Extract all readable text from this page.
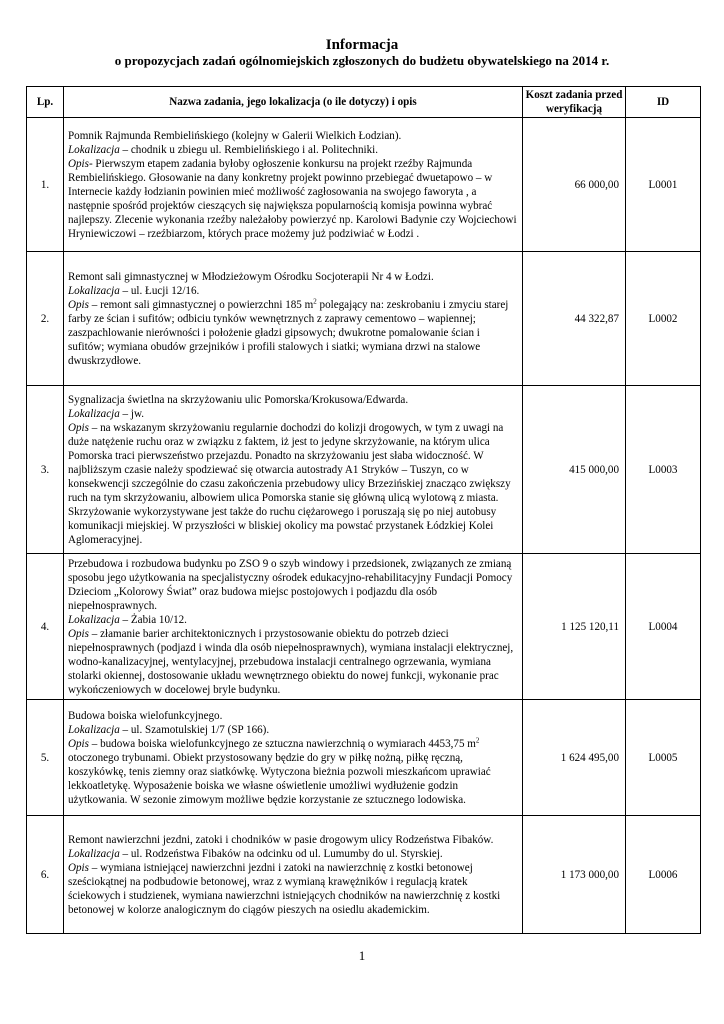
Informacja
o propozycjach zadań ogólnomiejskich zgłoszonych do budżetu obywatelskiego na 2014 r.
Lp.	Nazwa zadania, jego lokalizacja (o ile dotyczy) i opis	Koszt zadania przed weryfikacją	ID
1.	Pomnik Rajmunda Rembielińskiego (kolejny w Galerii Wielkich Łodzian).

Lokalizacja – chodnik u zbiegu ul. Rembielińskiego i al. Politechniki.

Opis- Pierwszym etapem zadania byłoby ogłoszenie konkursu na projekt rzeźby Rajmunda Rembielińskiego. Głosowanie na dany konkretny projekt powinno przebiegać dwuetapowo – w Internecie każdy łodzianin powinien mieć możliwość zagłosowania na swojego faworyta , a następnie spośród projektów cieszących się największa popularnością komisja powinna wybrać najlepszy. Zlecenie wykonania rzeźby należałoby powierzyć np. Karolowi Badynie czy Wojciechowi Hryniewiczowi – rzeźbiarzom, których prace możemy już podziwiać w Łodzi .	66 000,00	L0001
2.	Remont sali gimnastycznej w Młodzieżowym Ośrodku Socjoterapii Nr 4 w Łodzi.

Lokalizacja – ul. Łucji 12/16.

Opis – remont sali gimnastycznej o powierzchni 185 $m^2$ polegający na: zeskrobaniu i zmyciu starej farby ze ścian i sufitów; odbiciu tynków wewnętrznych z zaprawy cementowo – wapiennej; zaszpachlowanie nierówności i położenie gładzi gipsowych; dwukrotne pomalowanie ścian i sufitów; wymiana obudów grzejników i profili stalowych i siatki; wymiana drzwi na stalowe dwuskrzydłowe.	44 322,87	L0002
3.	Sygnalizacja świetlna na skrzyżowaniu ulic Pomorska/Krokusowa/Edwarda.

Lokalizacja – jw.

Opis – na wskazanym skrzyżowaniu regularnie dochodzi do kolizji drogowych, w tym z uwagi na duże natężenie ruchu oraz w związku z faktem, iż jest to jedyne skrzyżowanie, na którym ulica Pomorska traci pierwszeństwo przejazdu. Ponadto na skrzyżowaniu jest słaba widoczność. W najbliższym czasie należy spodziewać się otwarcia autostrady A1 Stryków – Tuszyn, co w konsekwencji szczególnie do czasu zakończenia przebudowy ulicy Brzezińskiej znacząco zwiększy ruch na tym skrzyżowaniu, albowiem ulica Pomorska stanie się główną ulicą wylotową z miasta. Skrzyżowanie wykorzystywane jest także do ruchu ciężarowego i poruszają się po niej autobusy komunikacji miejskiej. W przyszłości w bliskiej okolicy ma powstać przystanek Łódzkiej Kolei Aglomeracyjnej.	415 000,00	L0003
4.	Przebudowa i rozbudowa budynku po ZSO 9 o szyb windowy i przedsionek, związanych ze zmianą sposobu jego użytkowania na specjalistyczny ośrodek edukacyjno-rehabilitacyjny Fundacji Pomocy Dzieciom „Kolorowy Świat” oraz budowa miejsc postojowych i podjazdu dla osób niepełnosprawnych.

Lokalizacja – Żabia 10/12.

Opis – złamanie barier architektonicznych i przystosowanie obiektu do potrzeb dzieci niepełnosprawnych (podjazd i winda dla osób niepełnosprawnych), wymiana instalacji elektrycznej, wodno-kanalizacyjnej, wentylacyjnej, przebudowa instalacji centralnego ogrzewania, wymiana stolarki okiennej, dostosowanie układu wewnętrznego obiektu do nowej funkcji, wykonanie prac wykończeniowych w docelowej bryle budynku.	1 125 120,11	L0004
5.	Budowa boiska wielofunkcyjnego.

Lokalizacja – ul. Szamotulskiej 1/7 (SP 166).

Opis – budowa boiska wielofunkcyjnego ze sztuczna nawierzchnią o wymiarach 4453,75 $m^2$ otoczonego trybunami. Obiekt przystosowany będzie do gry w piłkę nożną, piłkę ręczną, koszykówkę, tenis ziemny oraz siatkówkę. Wytyczona bieżnia pozwoli mieszkańcom uprawiać lekkoatletykę. Wyposażenie boiska we własne oświetlenie umożliwi wydłużenie godzin użytkowania. W sezonie zimowym możliwe będzie korzystanie ze sztucznego lodowiska.	1 624 495,00	L0005
6.	Remont nawierzchni jezdni, zatoki i chodników w pasie drogowym ulicy Rodzeństwa Fibaków.

Lokalizacja – ul. Rodzeństwa Fibaków na odcinku od ul. Lumumby do ul. Styrskiej.

Opis – wymiana istniejącej nawierzchni jezdni i zatoki na nawierzchnię z kostki betonowej sześciokątnej na podbudowie betonowej, wraz z wymianą krawężników i regulacją kratek ściekowych i studzienek, wymiana nawierzchni istniejących chodników na nawierzchnię z kostki betonowej w kolorze analogicznym do ciągów pieszych na osiedlu akademickim.	1 173 000,00	L0006
1
